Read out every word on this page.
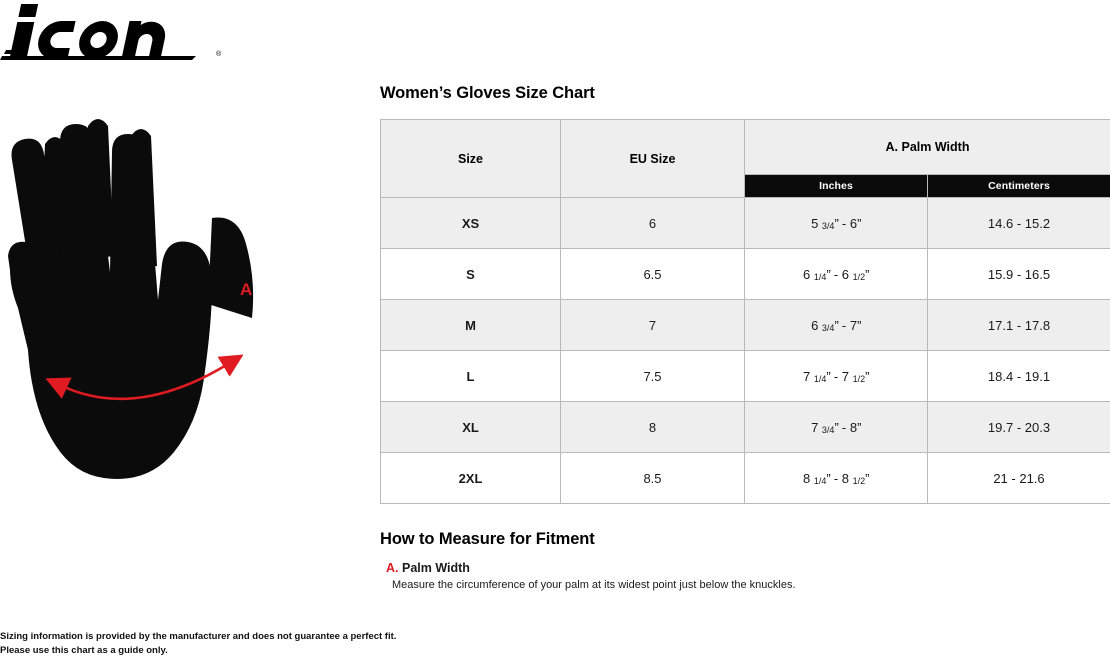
®
A
Women’s Gloves Size Chart
Size	EU Size	A. Palm Width	
		Inches	Centimeters
XS	6	5 3/4” - 6”	14.6 - 15.2
S	6.5	6 1/4” - 6 1/2”	15.9 - 16.5
M	7	6 3/4” - 7”	17.1 - 17.8
L	7.5	7 1/4” - 7 1/2”	18.4 - 19.1
XL	8	7 3/4” - 8”	19.7 - 20.3
2XL	8.5	8 1/4” - 8 1/2”	21 - 21.6
How to Measure for Fitment
A. Palm Width
Measure the circumference of your palm at its widest point just below the knuckles.
Sizing information is provided by the manufacturer and does not guarantee a perfect fit.
Please use this chart as a guide only.
